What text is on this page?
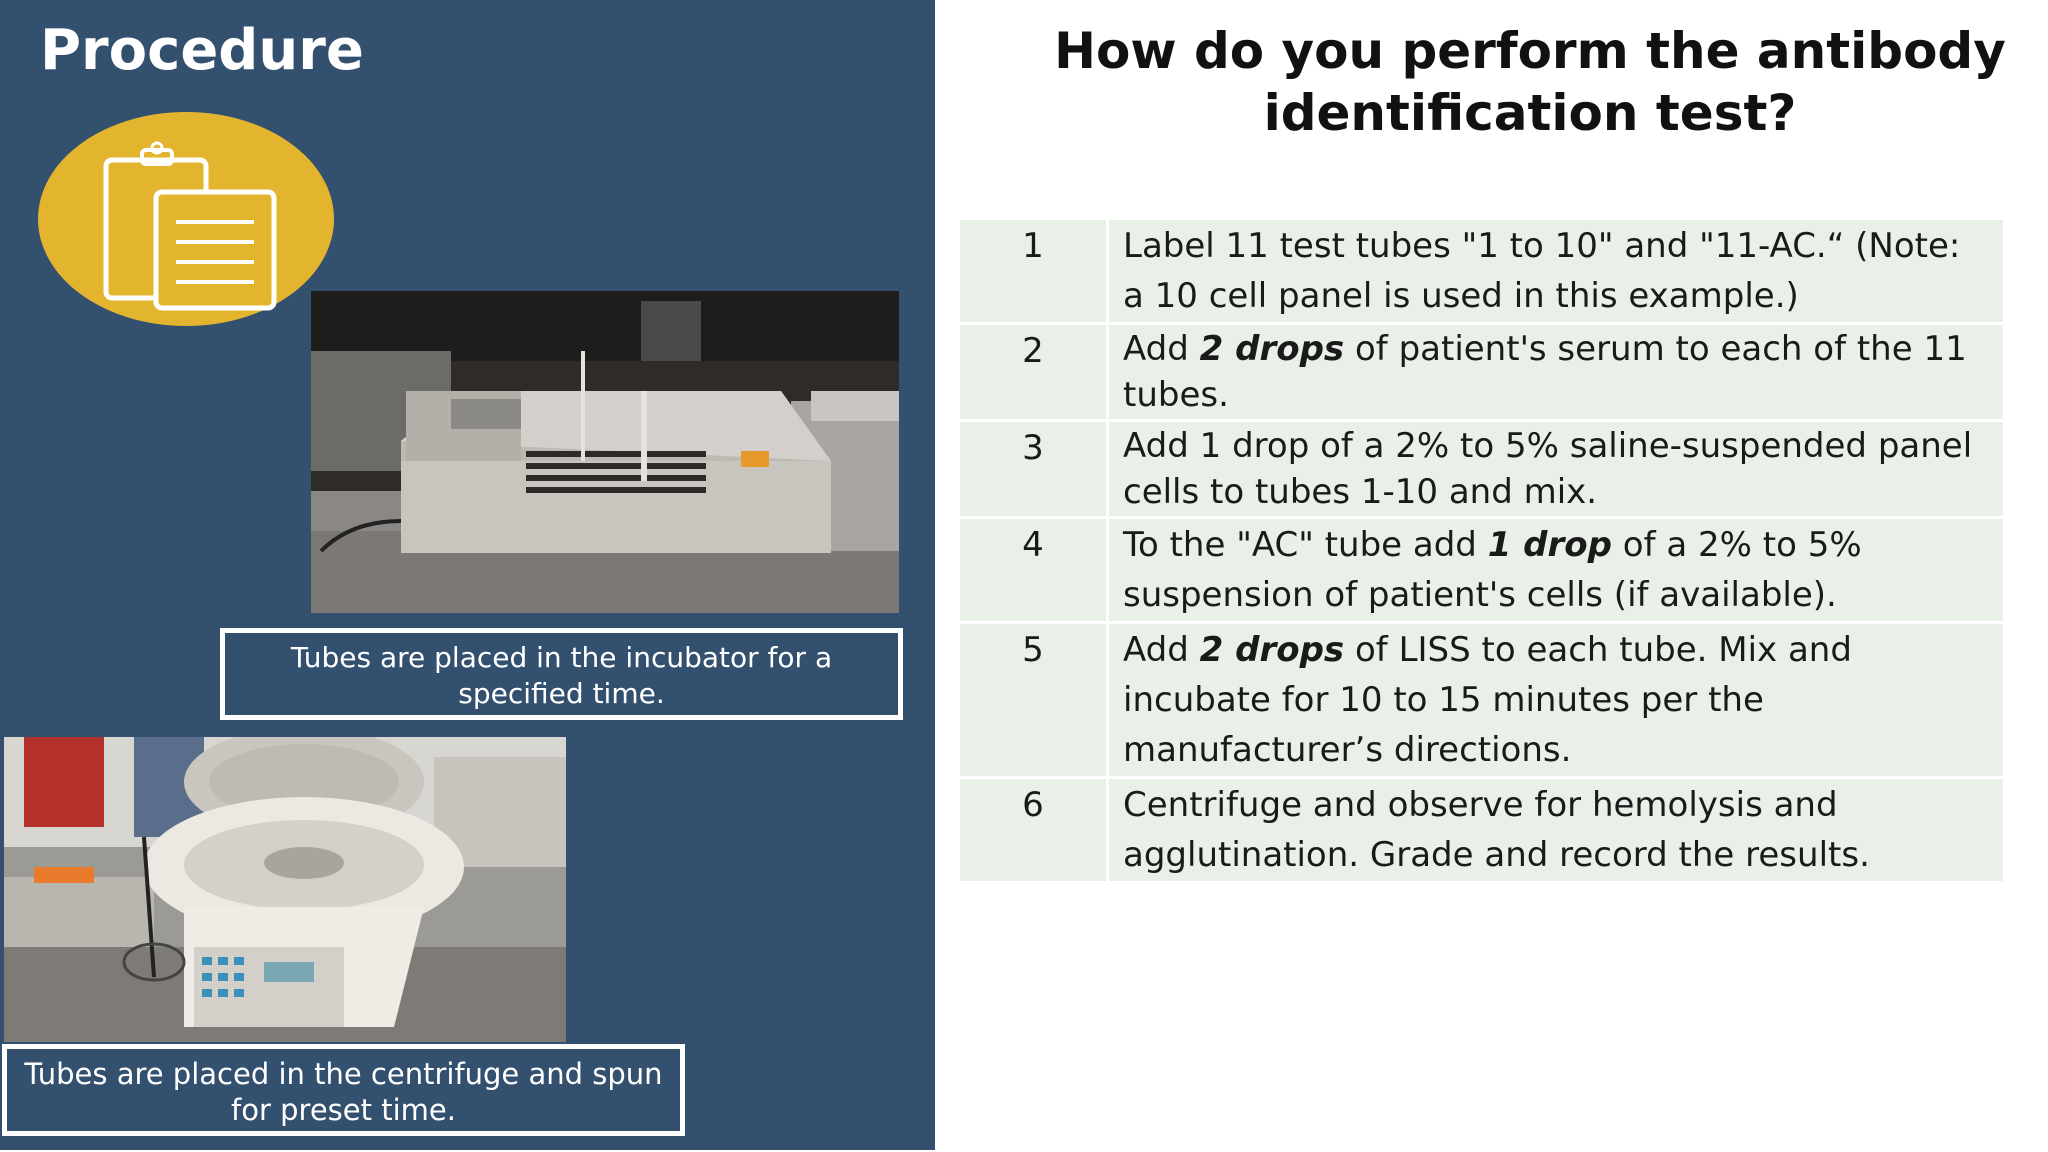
Procedure
Tubes are placed in the incubator for a specified time.
Tubes are placed in the centrifuge and spun for preset time.
How do you perform the antibody identification test?
1	Label 11 test tubes "1 to 10" and "11-AC.“ (Note: a 10 cell panel is used in this example.)
2	Add 2 drops of patient's serum to each of the 11 tubes.
3	Add 1 drop of a 2% to 5% saline-suspended panel cells to tubes 1-10 and mix.
4	To the "AC" tube add 1 drop of a 2% to 5% suspension of patient's cells (if available).
5	Add 2 drops of LISS to each tube. Mix and incubate for 10 to 15 minutes per the manufacturer’s directions.
6	Centrifuge and observe for hemolysis and agglutination. Grade and record the results.
